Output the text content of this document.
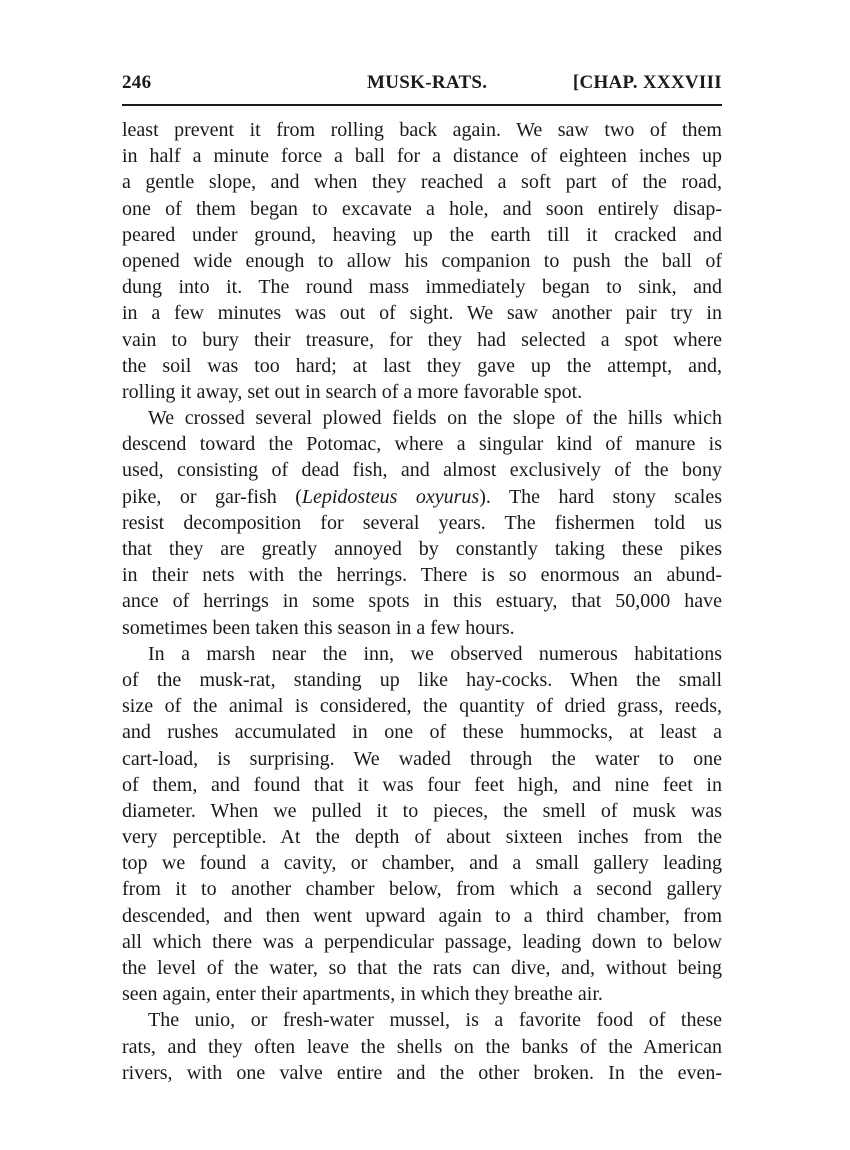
246	MUSK-RATS.	[CHAP. XXXVIII
least prevent it from rolling back again. We saw two of them
in half a minute force a ball for a distance of eighteen inches up
a gentle slope, and when they reached a soft part of the road,
one of them began to excavate a hole, and soon entirely disap-
peared under ground, heaving up the earth till it cracked and
opened wide enough to allow his companion to push the ball of
dung into it. The round mass immediately began to sink, and
in a few minutes was out of sight. We saw another pair try in
vain to bury their treasure, for they had selected a spot where
the soil was too hard; at last they gave up the attempt, and,
rolling it away, set out in search of a more favorable spot.
We crossed several plowed fields on the slope of the hills which
descend toward the Potomac, where a singular kind of manure is
used, consisting of dead fish, and almost exclusively of the bony
pike, or gar-fish (Lepidosteus oxyurus). The hard stony scales
resist decomposition for several years. The fishermen told us
that they are greatly annoyed by constantly taking these pikes
in their nets with the herrings. There is so enormous an abund-
ance of herrings in some spots in this estuary, that 50,000 have
sometimes been taken this season in a few hours.
In a marsh near the inn, we observed numerous habitations
of the musk-rat, standing up like hay-cocks. When the small
size of the animal is considered, the quantity of dried grass, reeds,
and rushes accumulated in one of these hummocks, at least a
cart-load, is surprising. We waded through the water to one
of them, and found that it was four feet high, and nine feet in
diameter. When we pulled it to pieces, the smell of musk was
very perceptible. At the depth of about sixteen inches from the
top we found a cavity, or chamber, and a small gallery leading
from it to another chamber below, from which a second gallery
descended, and then went upward again to a third chamber, from
all which there was a perpendicular passage, leading down to below
the level of the water, so that the rats can dive, and, without being
seen again, enter their apartments, in which they breathe air.
The unio, or fresh-water mussel, is a favorite food of these
rats, and they often leave the shells on the banks of the American
rivers, with one valve entire and the other broken. In the even-
